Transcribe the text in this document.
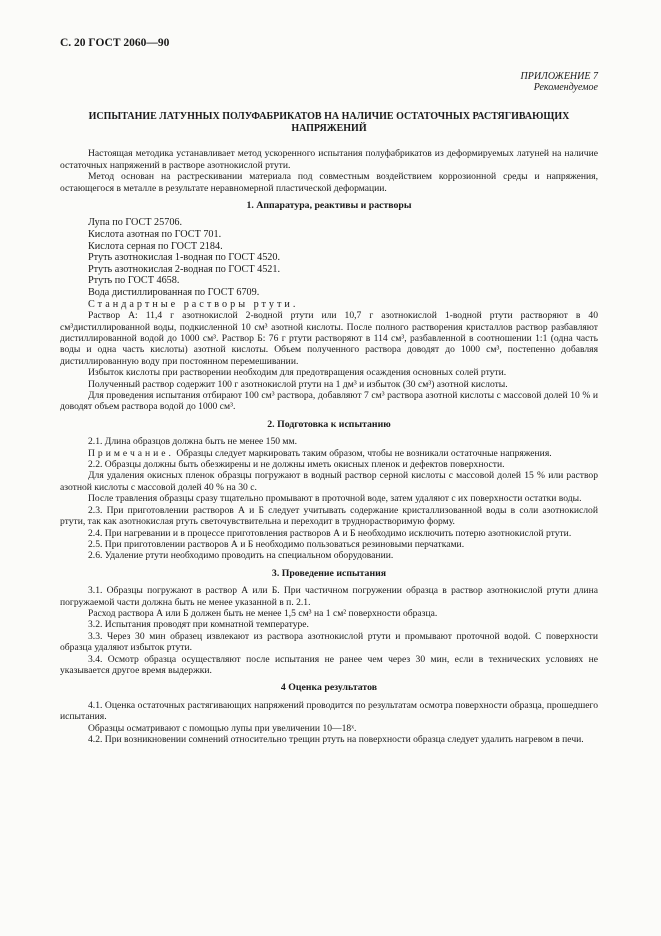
С. 20 ГОСТ 2060—90
ПРИЛОЖЕНИЕ 7
Рекомендуемое
ИСПЫТАНИЕ ЛАТУННЫХ ПОЛУФАБРИКАТОВ НА НАЛИЧИЕ ОСТАТОЧНЫХ РАСТЯГИВАЮЩИХ НАПРЯЖЕНИЙ

Настоящая методика устанавливает метод ускоренного испытания полуфабрикатов из деформируемых латуней на наличие остаточных напряжений в растворе азотнокислой ртути.

Метод основан на растрескивании материала под совместным воздействием коррозионной среды и напряжения, остающегося в металле в результате неравномерной пластической деформации.

1. Аппаратура, реактивы и растворы

Лупа по ГОСТ 25706.

Кислота азотная по ГОСТ 701.

Кислота серная по ГОСТ 2184.

Ртуть азотнокислая 1-водная по ГОСТ 4520.

Ртуть азотнокислая 2-водная по ГОСТ 4521.

Ртуть по ГОСТ 4658.

Вода дистиллированная по ГОСТ 6709.

Стандартные растворы ртути.

Раствор А: 11,4 г азотнокислой 2-водной ртути или 10,7 г азотнокислой 1-водной ртути растворяют в 40 см³дистиллированной воды, подкисленной 10 см³ азотной кислоты. После полного растворения кристаллов раствор разбавляют дистиллированной водой до 1000 см³. Раствор Б: 76 г ртути растворяют в 114 см³, разбавленной в соотношении 1:1 (одна часть воды и одна часть кислоты) азотной кислоты. Объем полученного раствора доводят до 1000 см³, постепенно добавляя дистиллированную воду при постоянном перемешивании.

Избыток кислоты при растворении необходим для предотвращения осаждения основных солей ртути.

Полученный раствор содержит 100 г азотнокислой ртути на 1 дм³ и избыток (30 см³) азотной кислоты.

Для проведения испытания отбирают 100 см³ раствора, добавляют 7 см³ раствора азотной кислоты с массовой долей 10 % и доводят объем раствора водой до 1000 см³.

2. Подготовка к испытанию

2.1. Длина образцов должна быть не менее 150 мм.

Примечание. Образцы следует маркировать таким образом, чтобы не возникали остаточные напряжения.

2.2. Образцы должны быть обезжирены и не должны иметь окисных пленок и дефектов поверхности.

Для удаления окисных пленок образцы погружают в водный раствор серной кислоты с массовой долей 15 % или раствор азотной кислоты с массовой долей 40 % на 30 с.

После травления образцы сразу тщательно промывают в проточной воде, затем удаляют с их поверхности остатки воды.

2.3. При приготовлении растворов А и Б следует учитывать содержание кристаллизованной воды в соли азотнокислой ртути, так как азотнокислая ртуть светочувствительна и переходит в труднорастворимую форму.

2.4. При нагревании и в процессе приготовления растворов А и Б необходимо исключить потерю азотнокислой ртути.

2.5. При приготовлении растворов А и Б необходимо пользоваться резиновыми перчатками.

2.6. Удаление ртути необходимо проводить на специальном оборудовании.

3. Проведение испытания

3.1. Образцы погружают в раствор А или Б. При частичном погружении образца в раствор азотнокислой ртути длина погружаемой части должна быть не менее указанной в п. 2.1.

Расход раствора А или Б должен быть не менее 1,5 см³ на 1 см² поверхности образца.

3.2. Испытания проводят при комнатной температуре.

3.3. Через 30 мин образец извлекают из раствора азотнокислой ртути и промывают проточной водой. С поверхности образца удаляют избыток ртути.

3.4. Осмотр образца осуществляют после испытания не ранее чем через 30 мин, если в технических условиях не указывается другое время выдержки.

4 Оценка результатов

4.1. Оценка остаточных растягивающих напряжений проводится по результатам осмотра поверхности образца, прошедшего испытания.

Образцы осматривают с помощью лупы при увеличении 10—18ˣ.

4.2. При возникновении сомнений относительно трещин ртуть на поверхности образца следует удалить нагревом в печи.
